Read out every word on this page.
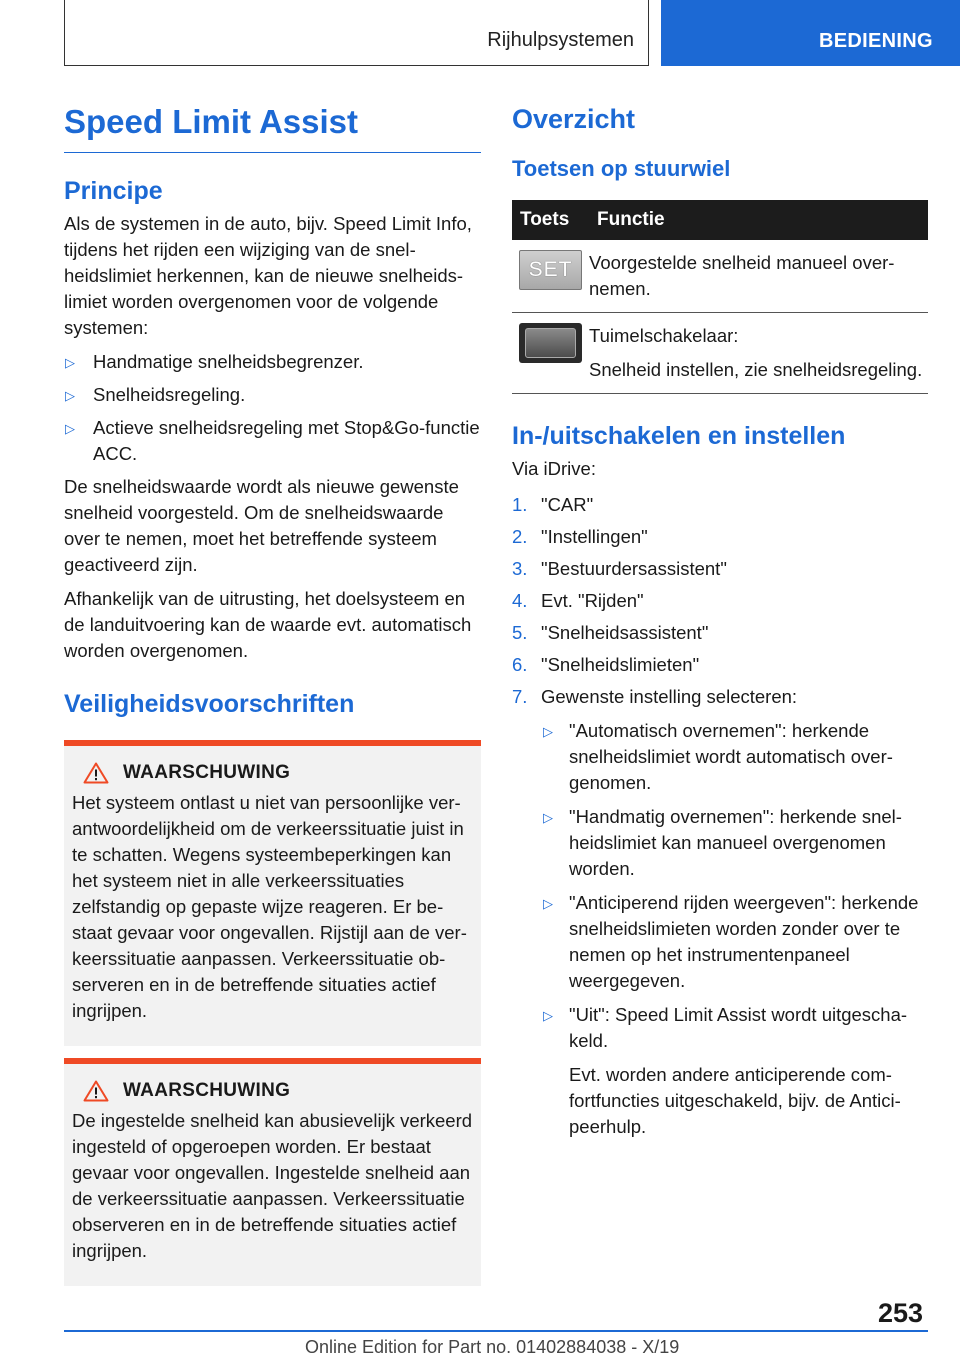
Rijhulpsystemen	BEDIENING
Speed Limit Assist
Principe

Als de systemen in de auto, bijv. Speed Limit Info, tijdens het rijden een wijziging van de snelheidslimiet herkennen, kan de nieuwe snelheidslimiet worden overgenomen voor de volgende systemen:

▷ Handmatige snelheidsbegrenzer.
▷ Snelheidsregeling.
▷ Actieve snelheidsregeling met Stop&Go-functie ACC.

De snelheidswaarde wordt als nieuwe gewenste snelheid voorgesteld. Om de snelheidswaarde over te nemen, moet het betreffende systeem geactiveerd zijn.

Afhankelijk van de uitrusting, het doelsysteem en de landuitvoering kan de waarde evt. automatisch worden overgenomen.

Veiligheidsvoorschriften
WAARSCHUWING

Het systeem ontlast u niet van persoonlijke verantwoordelijkheid om de verkeerssituatie juist in te schatten. Wegens systeembeperkingen kan het systeem niet in alle verkeerssituaties zelfstandig op gepaste wijze reageren. Er bestaat gevaar voor ongevallen. Rijstijl aan de verkeerssituatie aanpassen. Verkeerssituatie observeren en in de betreffende situaties actief ingrijpen.

WAARSCHUWING

De ingestelde snelheid kan abusievelijk verkeerd ingesteld of opgeroepen worden. Er bestaat gevaar voor ongevallen. Ingestelde snelheid aan de verkeerssituatie aanpassen. Verkeerssituatie observeren en in de betreffende situaties actief ingrijpen.

Overzicht
Toetsen op stuurwiel
Toets	Functie

SET	Voorgestelde snelheid manueel overnemen.

	Tuimelschakelaar:

Snelheid instellen, zie snelheidsregeling.

In-/uitschakelen en instellen

Via iDrive:

1. "CAR"
2. "Instellingen"
3. "Bestuurdersassistent"
4. Evt. "Rijden"
5. "Snelheidsassistent"
6. "Snelheidslimieten"
7. Gewenste instelling selecteren:
▷ "Automatisch overnemen": herkende snelheidslimiet wordt automatisch overgenomen.
▷ "Handmatig overnemen": herkende snelheidslimiet kan manueel overgenomen worden.
▷ "Anticiperend rijden weergeven": herkende snelheidslimieten worden zonder over te nemen op het instrumentenpaneel weergegeven.
▷ "Uit": Speed Limit Assist wordt uitgeschakeld.

Evt. worden andere anticiperende comfortfuncties uitgeschakeld, bijv. de Anticipeerhulp.

253
Online Edition for Part no. 01402884038 - X/19
